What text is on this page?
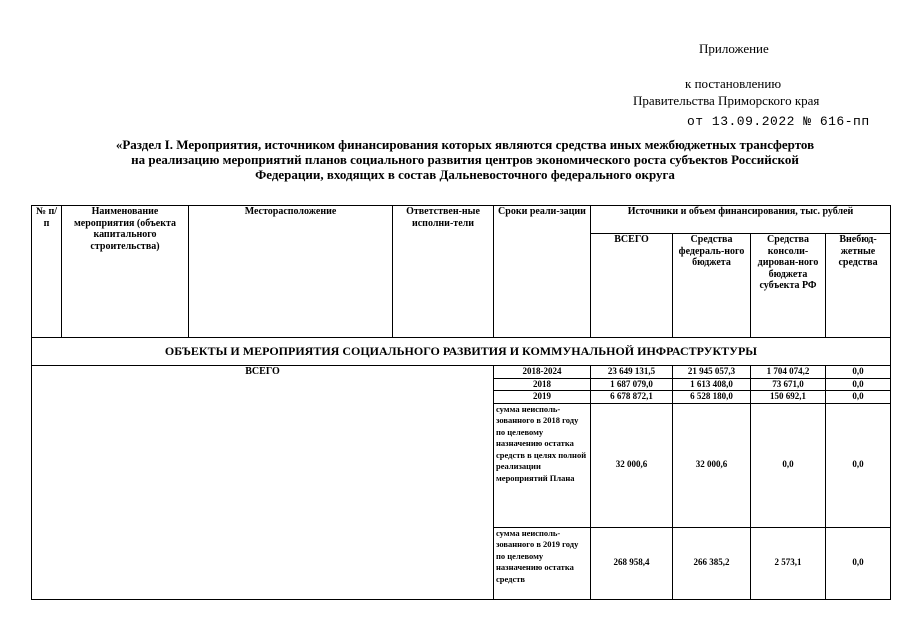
Приложение
к постановлению
Правительства Приморского края
от 13.09.2022 № 616-пп
«Раздел I. Мероприятия, источником финансирования которых являются средства иных межбюджетных трансфертов
на реализацию мероприятий планов социального развития центров экономического роста субъектов Российской
Федерации, входящих в состав Дальневосточного федерального округа
№ п/ п	Наименование мероприятия (объекта капитального строительства)	Месторасположение	Ответствен-ные исполни-тели	Сроки реали-зации	Источники и объем финансирования, тыс. рублей			
					ВСЕГО	Средства федераль-ного бюджета	Средства консоли-дирован-ного бюджета субъекта РФ	Внебюд-жетные средства
ОБЪЕКТЫ И МЕРОПРИЯТИЯ СОЦИАЛЬНОГО РАЗВИТИЯ И КОММУНАЛЬНОЙ ИНФРАСТРУКТУРЫ								
ВСЕГО				2018-2024	23 649 131,5	21 945 057,3	1 704 074,2	0,0
				2018	1 687 079,0	1 613 408,0	73 671,0	0,0
				2019	6 678 872,1	6 528 180,0	150 692,1	0,0
				сумма неисполь-зованного в 2018 году по целевому назначению остатка средств в целях полной реализации мероприятий Плана	32 000,6	32 000,6	0,0	0,0
				сумма неисполь-зованного в 2019 году по целевому назначению остатка средств	268 958,4	266 385,2	2 573,1	0,0
